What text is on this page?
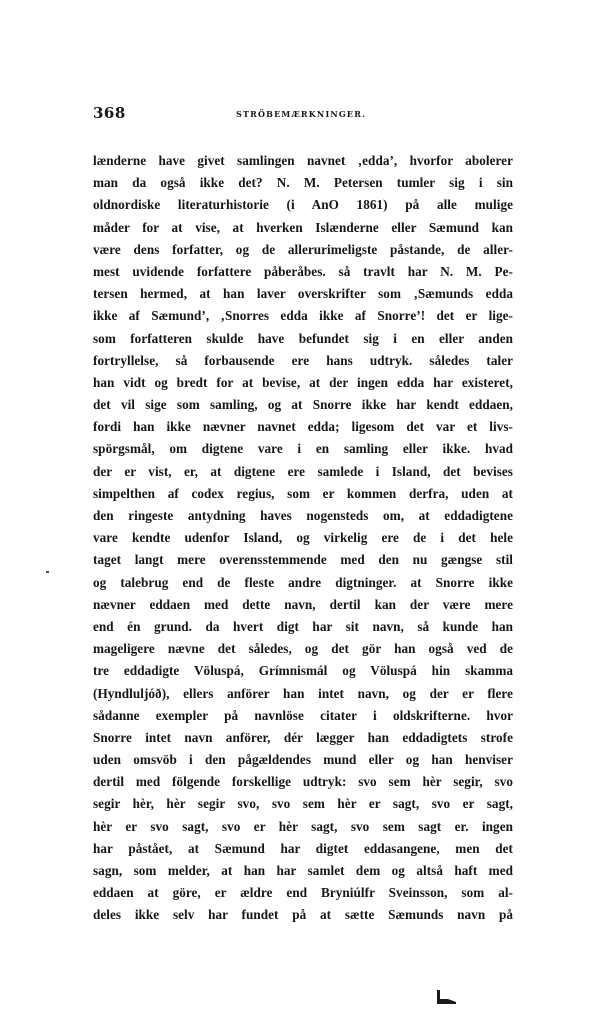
368	STRÖBEMÆRKNINGER.
lænderne have givet samlingen navnet ‚edda’, hvorfor abolerer
man da også ikke det? N. M. Petersen tumler sig i sin
oldnordiske literaturhistorie (i AnO 1861) på alle mulige
måder for at vise, at hverken Islænderne eller Sæmund kan
være dens forfatter, og de allerurimeligste påstande, de aller-
mest uvidende forfattere påberåbes. så travlt har N. M. Pe-
tersen hermed, at han laver overskrifter som ‚Sæmunds edda
ikke af Sæmund’, ‚Snorres edda ikke af Snorre’! det er lige-
som forfatteren skulde have befundet sig i en eller anden
fortryllelse, så forbausende ere hans udtryk. således taler
han vidt og bredt for at bevise, at der ingen edda har existeret,
det vil sige som samling, og at Snorre ikke har kendt eddaen,
fordi han ikke nævner navnet edda; ligesom det var et livs-
spörgsmål, om digtene vare i en samling eller ikke. hvad
der er vist, er, at digtene ere samlede i Island, det bevises
simpelthen af codex regius, som er kommen derfra, uden at
den ringeste antydning haves nogensteds om, at eddadigtene
vare kendte udenfor Island, og virkelig ere de i det hele
taget langt mere overensstemmende med den nu gængse stil
og talebrug end de fleste andre digtninger. at Snorre ikke
nævner eddaen med dette navn, dertil kan der være mere
end én grund. da hvert digt har sit navn, så kunde han
mageligere nævne det således, og det gör han også ved de
tre eddadigte Völuspá, Grímnismál og Völuspá hin skamma
(Hyndluljóð), ellers anförer han intet navn, og der er flere
sådanne exempler på navnlöse citater i oldskrifterne. hvor
Snorre intet navn anförer, dér lægger han eddadigtets strofe
uden omsvöb i den pågældendes mund eller og han henviser
dertil med fölgende forskellige udtryk: svo sem hèr segir, svo
segir hèr, hèr segir svo, svo sem hèr er sagt, svo er sagt,
hèr er svo sagt, svo er hèr sagt, svo sem sagt er. ingen
har påstået, at Sæmund har digtet eddasangene, men det
sagn, som melder, at han har samlet dem og altså haft med
eddaen at göre, er ældre end Bryniúlfr Sveinsson, som al-
deles ikke selv har fundet på at sætte Sæmunds navn på
